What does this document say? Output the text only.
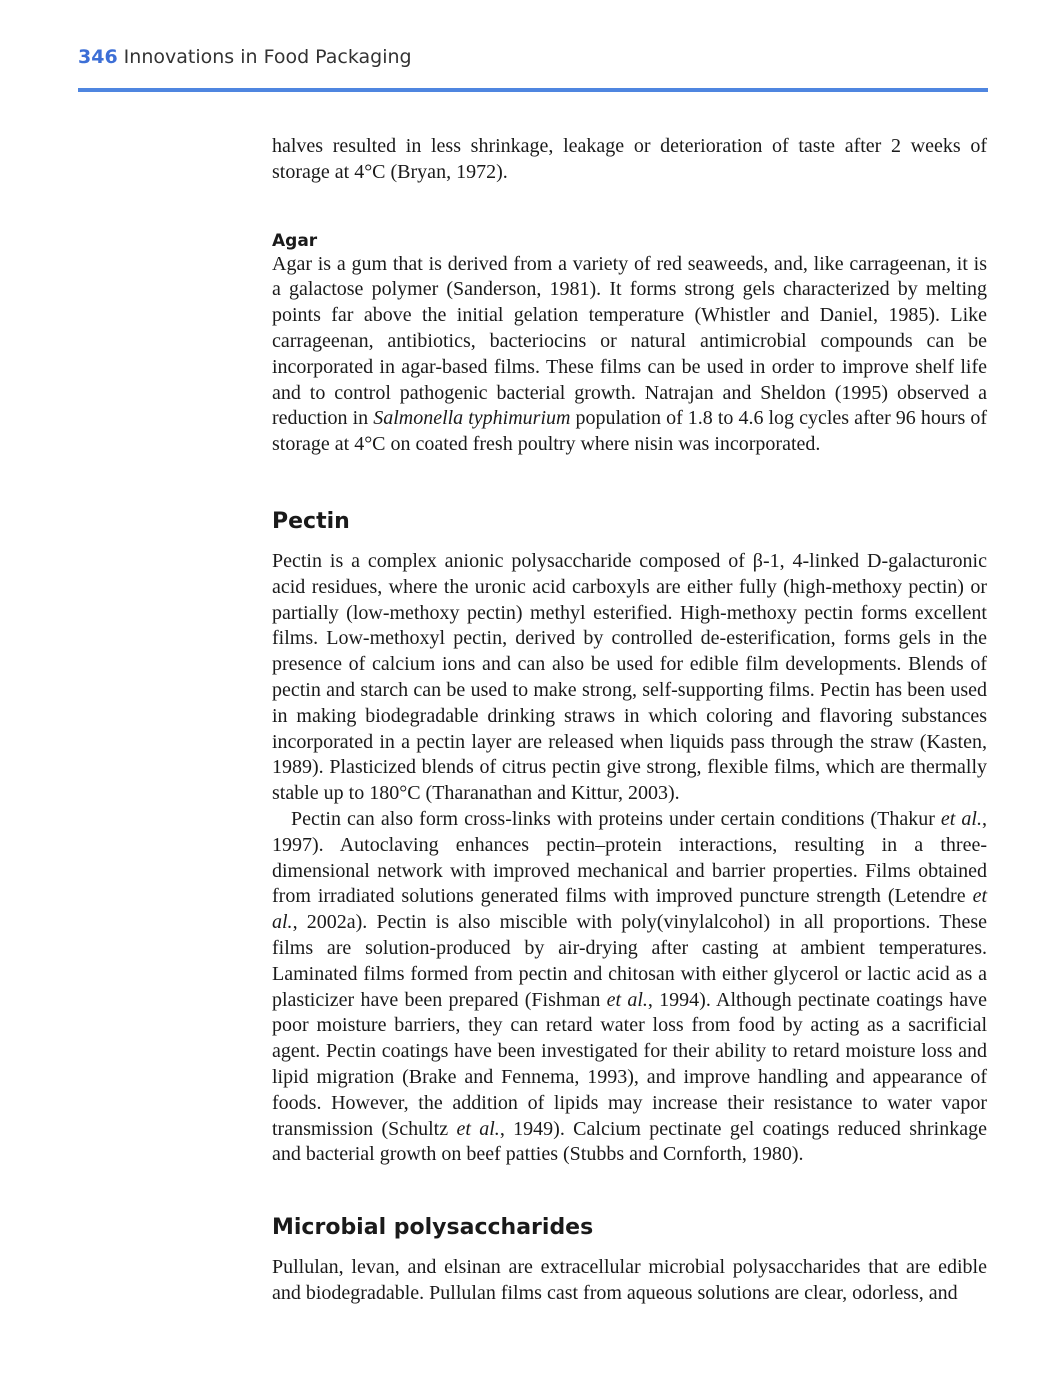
346 Innovations in Food Packaging

halves resulted in less shrinkage, leakage or deterioration of taste after 2 weeks of storage at 4°C (Bryan, 1972).

Agar

Agar is a gum that is derived from a variety of red seaweeds, and, like carrageenan, it is a galactose polymer (Sanderson, 1981). It forms strong gels characterized by melting points far above the initial gelation temperature (Whistler and Daniel, 1985). Like carrageenan, antibiotics, bacteriocins or natural antimicrobial compounds can be incorporated in agar-based films. These films can be used in order to improve shelf life and to control pathogenic bacterial growth. Natrajan and Sheldon (1995) observed a reduction in Salmonella typhimurium population of 1.8 to 4.6 log cycles after 96 hours of storage at 4°C on coated fresh poultry where nisin was incorporated.

Pectin

Pectin is a complex anionic polysaccharide composed of β-1, 4-linked D-galacturonic acid residues, where the uronic acid carboxyls are either fully (high-methoxy pectin) or partially (low-methoxy pectin) methyl esterified. High-methoxy pectin forms excellent films. Low-methoxyl pectin, derived by controlled de-esterification, forms gels in the presence of calcium ions and can also be used for edible film developments. Blends of pectin and starch can be used to make strong, self-supporting films. Pectin has been used in making biodegradable drinking straws in which coloring and flavoring substances incorporated in a pectin layer are released when liquids pass through the straw (Kasten, 1989). Plasticized blends of citrus pectin give strong, flexible films, which are thermally stable up to 180°C (Tharanathan and Kittur, 2003).

Pectin can also form cross-links with proteins under certain conditions (Thakur et al., 1997). Autoclaving enhances pectin–protein interactions, resulting in a three-dimensional network with improved mechanical and barrier properties. Films obtained from irradiated solutions generated films with improved puncture strength (Letendre et al., 2002a). Pectin is also miscible with poly(vinylalcohol) in all proportions. These films are solution-produced by air-drying after casting at ambient temperatures. Laminated films formed from pectin and chitosan with either glycerol or lactic acid as a plasticizer have been prepared (Fishman et al., 1994). Although pectinate coatings have poor moisture barriers, they can retard water loss from food by acting as a sacrificial agent. Pectin coatings have been investigated for their ability to retard moisture loss and lipid migration (Brake and Fennema, 1993), and improve handling and appearance of foods. However, the addition of lipids may increase their resistance to water vapor transmission (Schultz et al., 1949). Calcium pectinate gel coatings reduced shrinkage and bacterial growth on beef patties (Stubbs and Cornforth, 1980).

Microbial polysaccharides

Pullulan, levan, and elsinan are extracellular microbial polysaccharides that are edible and biodegradable. Pullulan films cast from aqueous solutions are clear, odorless, and
